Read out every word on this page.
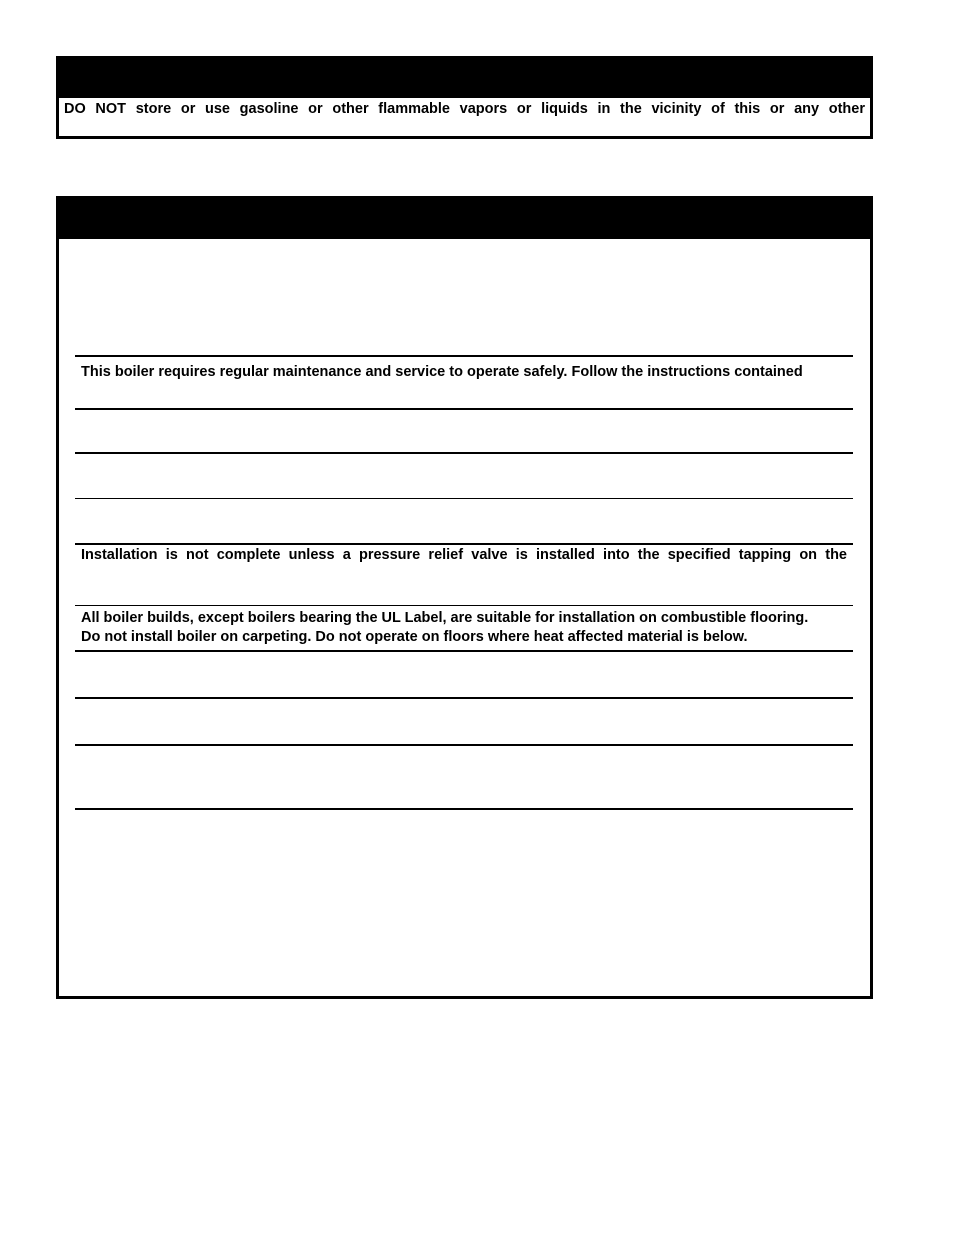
DO NOT store or use gasoline or other flammable vapors or liquids in the vicinity of this or any other
This boiler requires regular maintenance and service to operate safely. Follow the instructions contained
Installation is not complete unless a pressure relief valve is installed into the specified tapping on the
All boiler builds, except boilers bearing the UL Label, are suitable for installation on combustible flooring.
Do not install boiler on carpeting. Do not operate on floors where heat affected material is below.
